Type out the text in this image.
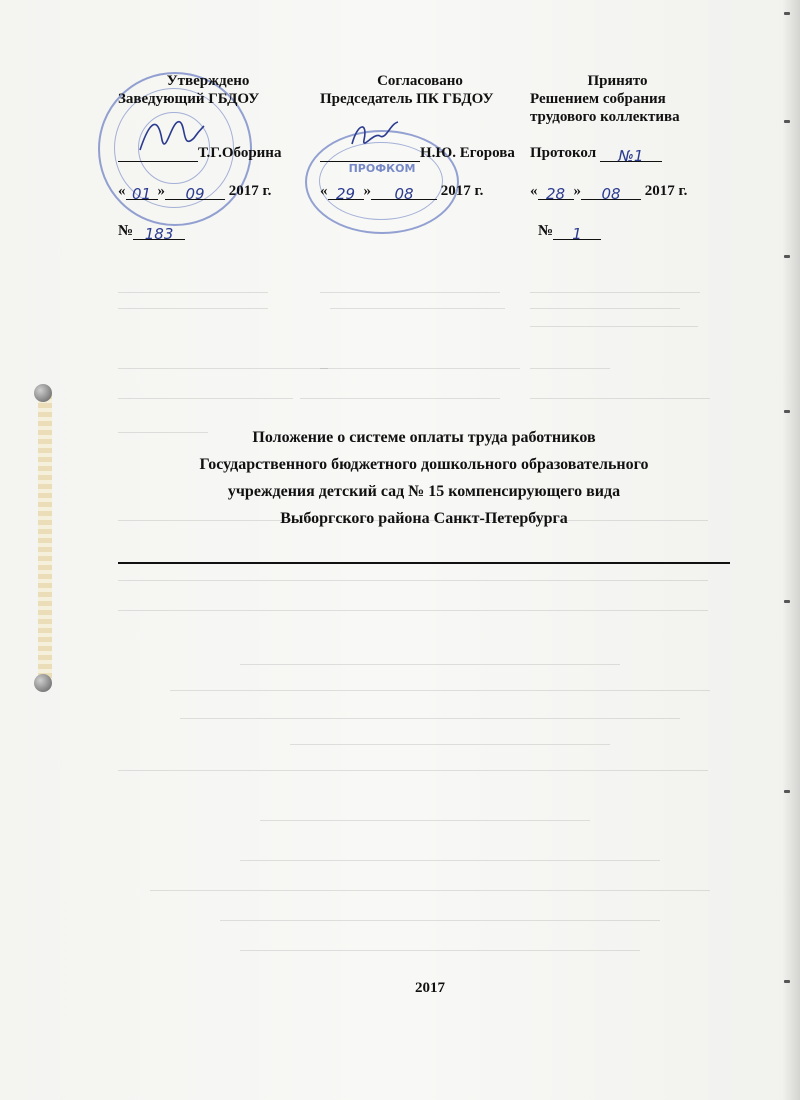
ПРОФКОМ
Утверждено
Заведующий ГБДОУ
Т.Г.Оборина
« 01 » 09 2017 г.
№ 183
Согласовано
Председатель ПК ГБДОУ
Н.Ю. Егорова
« 29 » 08 2017 г.
Принято
Решением собрания
трудового коллектива
Протокол №1
« 28 » 08 2017 г.
№ 1
Положение о системе оплаты труда работников
Государственного бюджетного дошкольного образовательного
учреждения детский сад № 15 компенсирующего вида
Выборгского района Санкт-Петербурга
2017
